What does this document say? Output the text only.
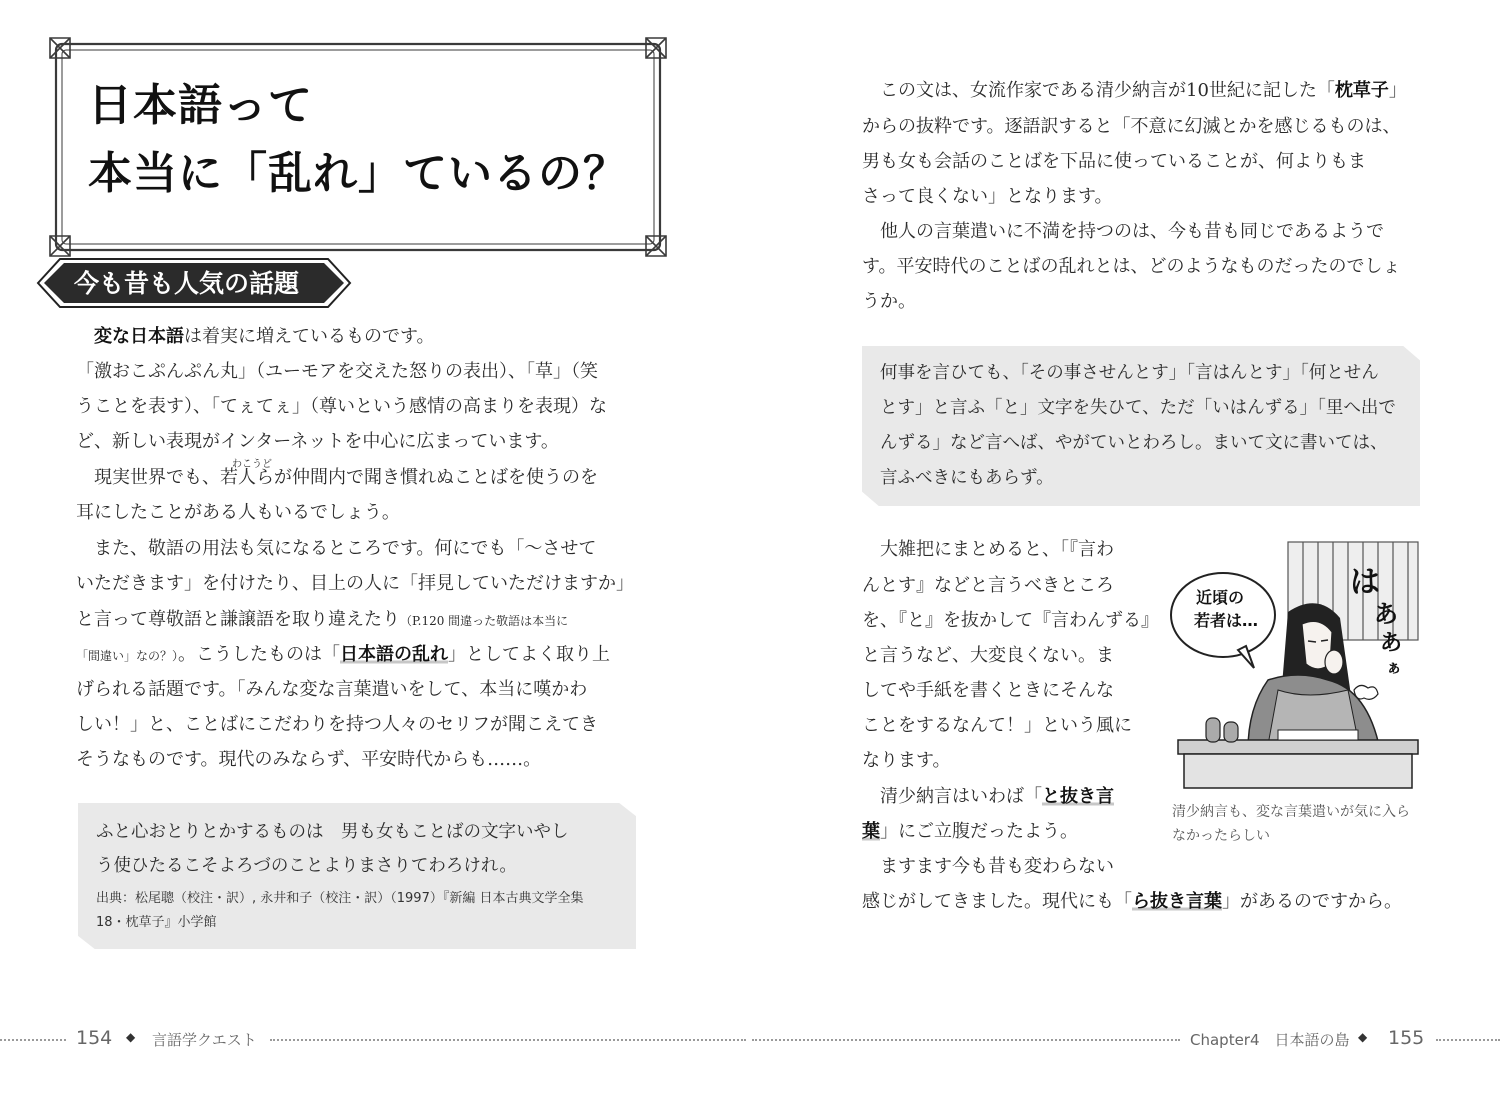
日本語って
本当に「乱れ」ているの？
今も昔も人気の話題
　変な日本語は着実に増えているものです。
「激おこぷんぷん丸」（ユーモアを交えた怒りの表出）、「草」（笑
うことを表す）、「てぇてぇ」（尊いという感情の高まりを表現）な
ど、新しい表現がインターネットを中心に広まっています。
わこうど
　現実世界でも、若人らが仲間内で聞き慣れぬことばを使うのを
耳にしたことがある人もいるでしょう。
　また、敬語の用法も気になるところです。何にでも「～させて
いただきます」を付けたり、目上の人に「拝見していただけますか」
と言って尊敬語と謙譲語を取り違えたり（P.120 間違った敬語は本当に
「間違い」なの？）。こうしたものは「日本語の乱れ」としてよく取り上
げられる話題です。「みんな変な言葉遣いをして、本当に嘆かわ
しい！」と、ことばにこだわりを持つ人々のセリフが聞こえてき
そうなものです。現代のみならず、平安時代からも……。
ふと心おとりとかするものは　男も女もことばの文字いやし
う使ひたるこそよろづのことよりまさりてわろけれ。
出典：松尾聰（校注・訳）, 永井和子（校注・訳）（1997）『新編 日本古典文学全集
18・枕草子』小学館
　この文は、女流作家である清少納言が10世紀に記した「枕草子」
からの抜粋です。逐語訳すると「不意に幻滅とかを感じるものは、
男も女も会話のことばを下品に使っていることが、何よりもま
さって良くない」となります。
　他人の言葉遣いに不満を持つのは、今も昔も同じであるようで
す。平安時代のことばの乱れとは、どのようなものだったのでしょ
うか。
何事を言ひても、「その事させんとす」「言はんとす」「何とせん
とす」と言ふ「と」文字を失ひて、ただ「いはんずる」「里へ出で
んずる」など言へば、やがていとわろし。まいて文に書いては、
言ふべきにもあらず。
　大雑把にまとめると、「『言わ
んとす』などと言うべきところ
を、『と』を抜かして『言わんずる』
と言うなど、大変良くない。ま
してや手紙を書くときにそんな
ことをするなんて！」という風に
なります。
　清少納言はいわば「と抜き言
葉」にご立腹だったよう。
　ますます今も昔も変わらない
感じがしてきました。現代にも「ら抜き言葉」があるのですから。
近頃の
若者は…
は
あ
あ
ぁ
清少納言も、変な言葉遣いが気に入ら
なかったらしい
154 ◆ 言語学クエスト	Chapter4　日本語の島 ◆ 155
